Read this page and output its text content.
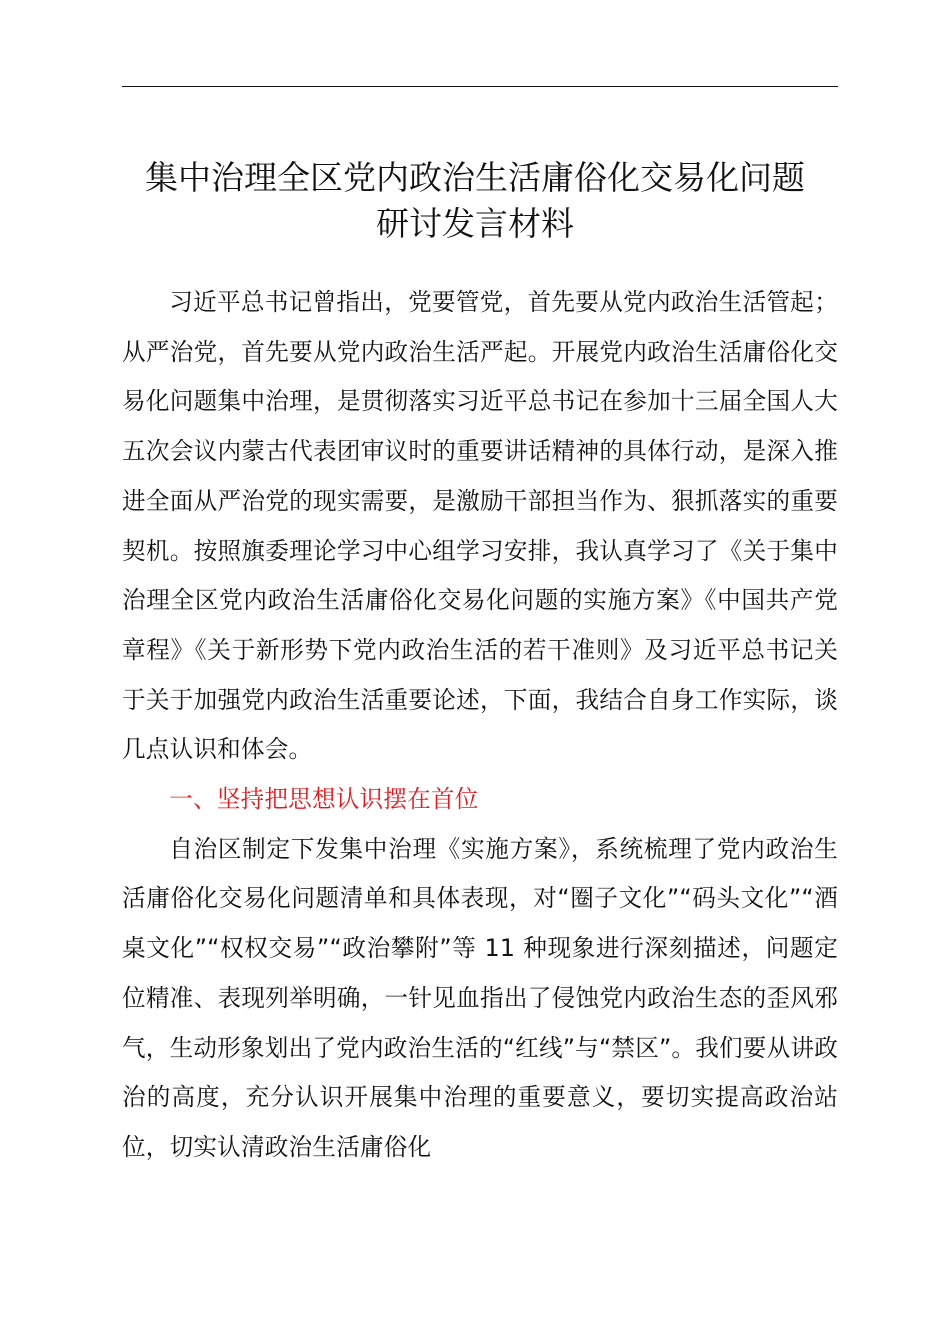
集中治理全区党内政治生活庸俗化交易化问题
研讨发言材料

习近平总书记曾指出，党要管党，首先要从党内政治生活管起；从严治党，首先要从党内政治生活严起。开展党内政治生活庸俗化交易化问题集中治理，是贯彻落实习近平总书记在参加十三届全国人大五次会议内蒙古代表团审议时的重要讲话精神的具体行动，是深入推进全面从严治党的现实需要，是激励干部担当作为、狠抓落实的重要契机。按照旗委理论学习中心组学习安排，我认真学习了《关于集中治理全区党内政治生活庸俗化交易化问题的实施方案》《中国共产党章程》《关于新形势下党内政治生活的若干准则》及习近平总书记关于关于加强党内政治生活重要论述，下面，我结合自身工作实际，谈几点认识和体会。

一、坚持把思想认识摆在首位

自治区制定下发集中治理《实施方案》，系统梳理了党内政治生活庸俗化交易化问题清单和具体表现，对“圈子文化”“码头文化”“酒桌文化”“权权交易”“政治攀附”等 11 种现象进行深刻描述，问题定位精准、表现列举明确，一针见血指出了侵蚀党内政治生态的歪风邪气，生动形象划出了党内政治生活的“红线”与“禁区”。我们要从讲政治的高度，充分认识开展集中治理的重要意义，要切实提高政治站位，切实认清政治生活庸俗化
